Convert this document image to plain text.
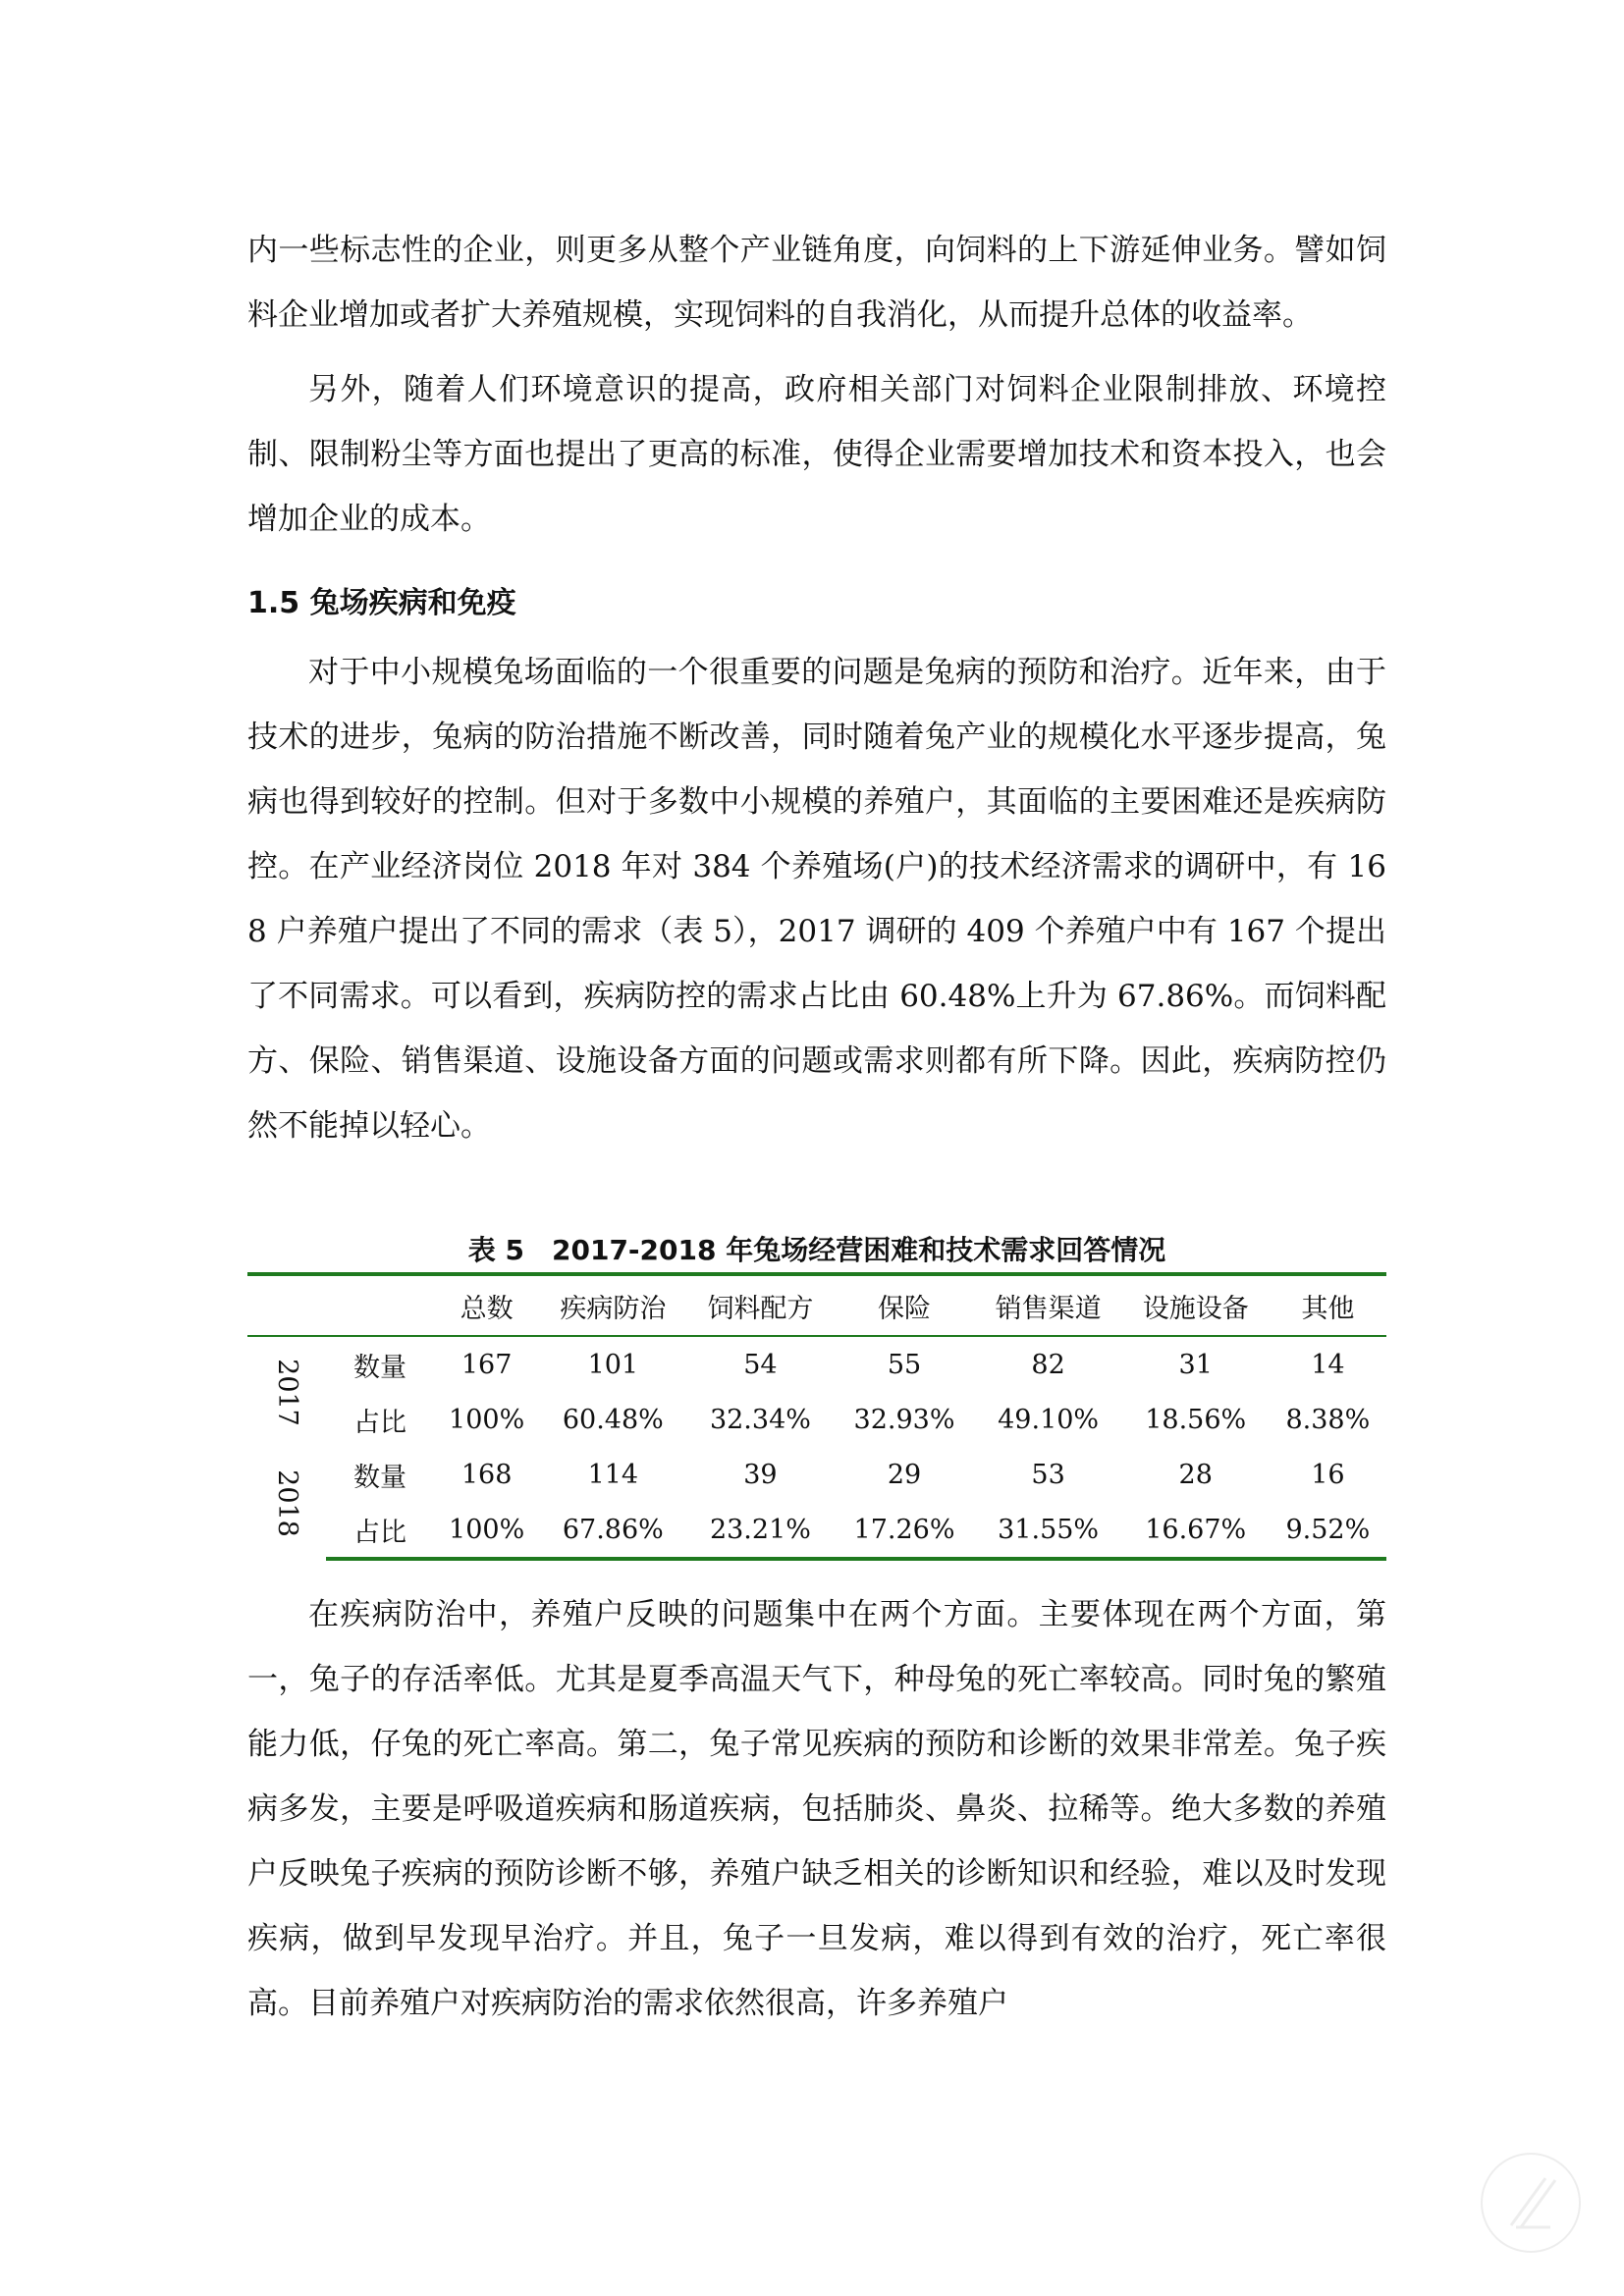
内一些标志性的企业，则更多从整个产业链角度，向饲料的上下游延伸业务。譬如饲料企业增加或者扩大养殖规模，实现饲料的自我消化，从而提升总体的收益率。

另外，随着人们环境意识的提高，政府相关部门对饲料企业限制排放、环境控制、限制粉尘等方面也提出了更高的标准，使得企业需要增加技术和资本投入，也会增加企业的成本。

1.5 兔场疾病和免疫

对于中小规模兔场面临的一个很重要的问题是兔病的预防和治疗。近年来，由于技术的进步，兔病的防治措施不断改善，同时随着兔产业的规模化水平逐步提高，兔病也得到较好的控制。但对于多数中小规模的养殖户，其面临的主要困难还是疾病防控。在产业经济岗位 2018 年对 384 个养殖场(户)的技术经济需求的调研中，有 168 户养殖户提出了不同的需求（表 5），2017 调研的 409 个养殖户中有 167 个提出了不同需求。可以看到，疾病防控的需求占比由 60.48%上升为 67.86%。而饲料配方、保险、销售渠道、设施设备方面的问题或需求则都有所下降。因此，疾病防控仍然不能掉以轻心。

表 5　2017-2018 年兔场经营困难和技术需求回答情况
		总数	疾病防治	饲料配方	保险	销售渠道	设施设备	其他
2017	数量	167	101	54	55	82	31	14
	占比	100%	60.48%	32.34%	32.93%	49.10%	18.56%	8.38%
2018	数量	168	114	39	29	53	28	16
	占比	100%	67.86%	23.21%	17.26%	31.55%	16.67%	9.52%

在疾病防治中，养殖户反映的问题集中在两个方面。主要体现在两个方面，第一，兔子的存活率低。尤其是夏季高温天气下，种母兔的死亡率较高。同时兔的繁殖能力低，仔兔的死亡率高。第二，兔子常见疾病的预防和诊断的效果非常差。兔子疾病多发，主要是呼吸道疾病和肠道疾病，包括肺炎、鼻炎、拉稀等。绝大多数的养殖户反映兔子疾病的预防诊断不够，养殖户缺乏相关的诊断知识和经验，难以及时发现疾病，做到早发现早治疗。并且，兔子一旦发病，难以得到有效的治疗，死亡率很高。目前养殖户对疾病防治的需求依然很高，许多养殖户
